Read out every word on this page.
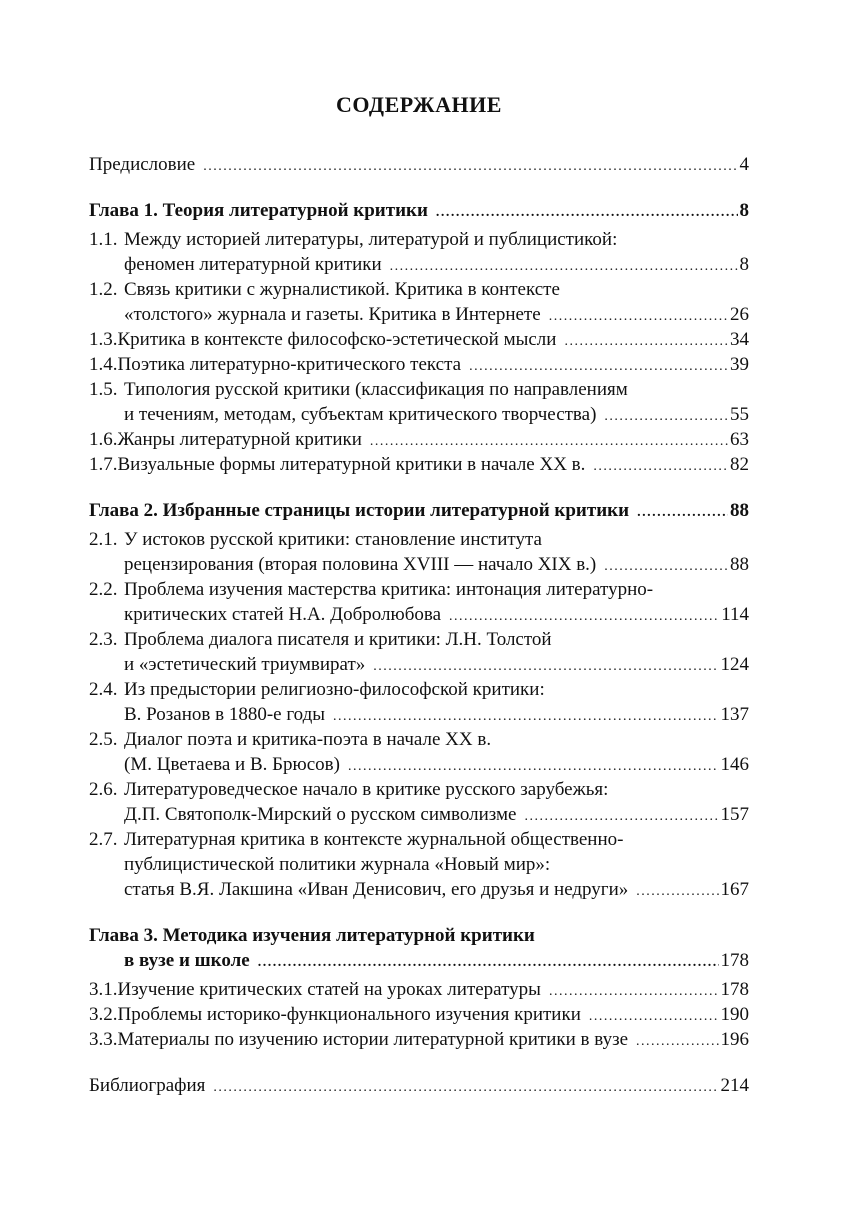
СОДЕРЖАНИЕ
Предисловие .....	4
Глава 1. Теория литературной критики .....	8
1.1. Между историей литературы, литературой и публицистикой:
феномен литературной критики .....	8
1.2. Связь критики с журналистикой. Критика в контексте
«толстого» журнала и газеты. Критика в Интернете .....	26
1.3. Критика в контексте философско-эстетической мысли .....	34
1.4. Поэтика литературно-критического текста .....	39
1.5. Типология русской критики (классификация по направлениям
и течениям, методам, субъектам критического творчества) .....	55
1.6. Жанры литературной критики .....	63
1.7. Визуальные формы литературной критики в начале XX в. .....	82
Глава 2. Избранные страницы истории литературной критики .....	88
2.1. У истоков русской критики: становление института
рецензирования (вторая половина XVIII — начало XIX в.) .....	88
2.2. Проблема изучения мастерства критика: интонация литературно-
критических статей Н.А. Добролюбова .....	114
2.3. Проблема диалога писателя и критики: Л.Н. Толстой
и «эстетический триумвират» .....	124
2.4. Из предыстории религиозно-философской критики:
В. Розанов в 1880-е годы .....	137
2.5. Диалог поэта и критика-поэта в начале XX в.
(М. Цветаева и В. Брюсов) .....	146
2.6. Литературоведческое начало в критике русского зарубежья:
Д.П. Святополк-Мирский о русском символизме .....	157
2.7. Литературная критика в контексте журнальной общественно-
публицистической политики журнала «Новый мир»:
статья В.Я. Лакшина «Иван Денисович, его друзья и недруги» .....	167
Глава 3. Методика изучения литературной критики
в вузе и школе .....	178
3.1. Изучение критических статей на уроках литературы .....	178
3.2. Проблемы историко-функционального изучения критики .....	190
3.3. Материалы по изучению истории литературной критики в вузе .....	196
Библиография .....	214
